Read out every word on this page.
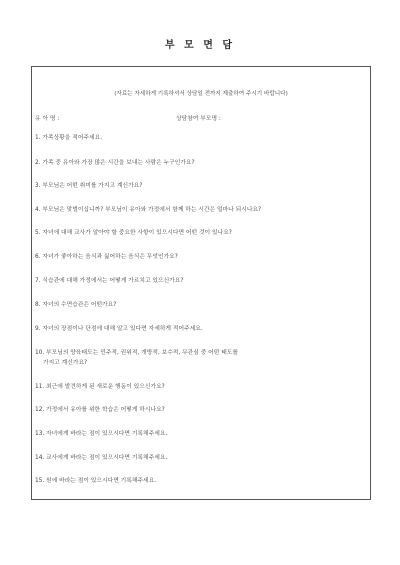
부 모 면 담
(자료는 자세하게 기록하셔서 상담일 전까지 제출하여 주시기 바랍니다)
유 아 명 :	상담참여 부모명 :
1. 가족상황을 적어주세요.
2. 가족 중 유아와 가장 많은 시간을 보내는 사람은 누구인가요?
3. 부모님은 어떤 취미를 가지고 계신가요?
4. 부모님은 맞벌이십니까? 부모님이 유아와 가정에서 함께 하는 시간은 얼마나 되시나요?
5. 자녀에 대해 교사가 알아야 할 중요한 사항이 있으시다면 어떤 것이 있나요?
6. 자녀가 좋아하는 음식과 싫어하는 음식은 무엇인가요?
7. 식습관에 대해 가정에서는 어떻게 가르치고 있으신가요?
8. 자녀의 수면습관은 어떤가요?
9. 자녀의 장점이나 단점에 대해 알고 있다면 자세하게 적어주세요.
10. 부모님의 양육태도는 민주적, 권위적, 개방적, 보수적, 무관심 중 어떤 태도를
가지고 계신가요?
11. 최근에 발견하게 된 새로운 행동이 있으신가요?
12. 가정에서 유아를 위한 학습은 어떻게 하시나요?
13. 자녀에게 바라는 점이 있으시다면 기록해주세요.
14. 교사에게 바라는 점이 있으시다면 기록해주세요.
15. 원에 바라는 점이 있으시다면 기록해주세요.
